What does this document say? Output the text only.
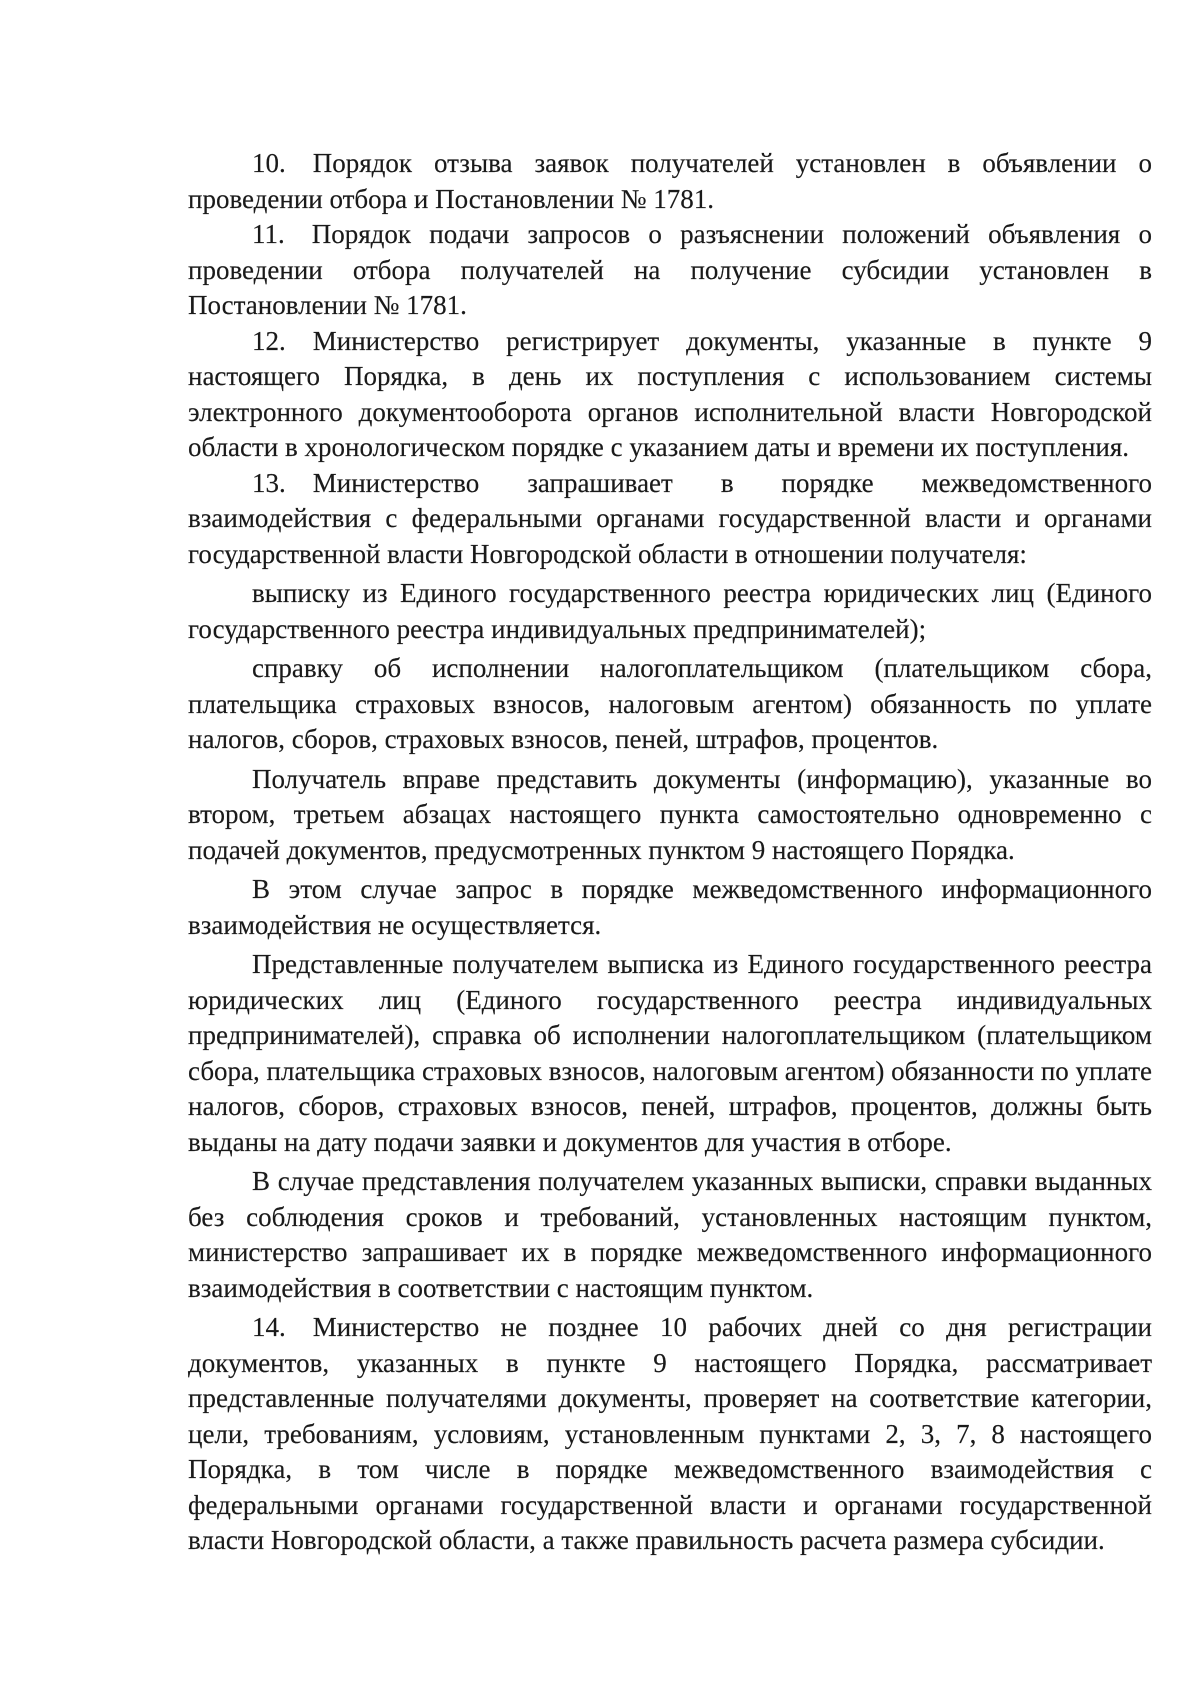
10. Порядок отзыва заявок получателей установлен в объявлении о проведении отбора и Постановлении № 1781.

11. Порядок подачи запросов о разъяснении положений объявления о проведении отбора получателей на получение субсидии установлен в Постановлении № 1781.

12. Министерство регистрирует документы, указанные в пункте 9 настоящего Порядка, в день их поступления с использованием системы электронного документооборота органов исполнительной власти Новгородской области в хронологическом порядке с указанием даты и времени их поступления.

13. Министерство запрашивает в порядке межведомственного взаимодействия с федеральными органами государственной власти и органами государственной власти Новгородской области в отношении получателя:

выписку из Единого государственного реестра юридических лиц (Единого государственного реестра индивидуальных предпринимателей);

справку об исполнении налогоплательщиком (плательщиком сбора, плательщика страховых взносов, налоговым агентом) обязанность по уплате налогов, сборов, страховых взносов, пеней, штрафов, процентов.

Получатель вправе представить документы (информацию), указанные во втором, третьем абзацах настоящего пункта самостоятельно одновременно с подачей документов, предусмотренных пунктом 9 настоящего Порядка.

В этом случае запрос в порядке межведомственного информационного взаимодействия не осуществляется.

Представленные получателем выписка из Единого государственного реестра юридических лиц (Единого государственного реестра индивидуальных предпринимателей), справка об исполнении налогоплательщиком (плательщиком сбора, плательщика страховых взносов, налоговым агентом) обязанности по уплате налогов, сборов, страховых взносов, пеней, штрафов, процентов, должны быть выданы на дату подачи заявки и документов для участия в отборе.

В случае представления получателем указанных выписки, справки выданных без соблюдения сроков и требований, установленных настоящим пунктом, министерство запрашивает их в порядке межведомственного информационного взаимодействия в соответствии с настоящим пунктом.

14. Министерство не позднее 10 рабочих дней со дня регистрации документов, указанных в пункте 9 настоящего Порядка, рассматривает представленные получателями документы, проверяет на соответствие категории, цели, требованиям, условиям, установленным пунктами 2, 3, 7, 8 настоящего Порядка, в том числе в порядке межведомственного взаимодействия с федеральными органами государственной власти и органами государственной власти Новгородской области, а также правильность расчета размера субсидии.
